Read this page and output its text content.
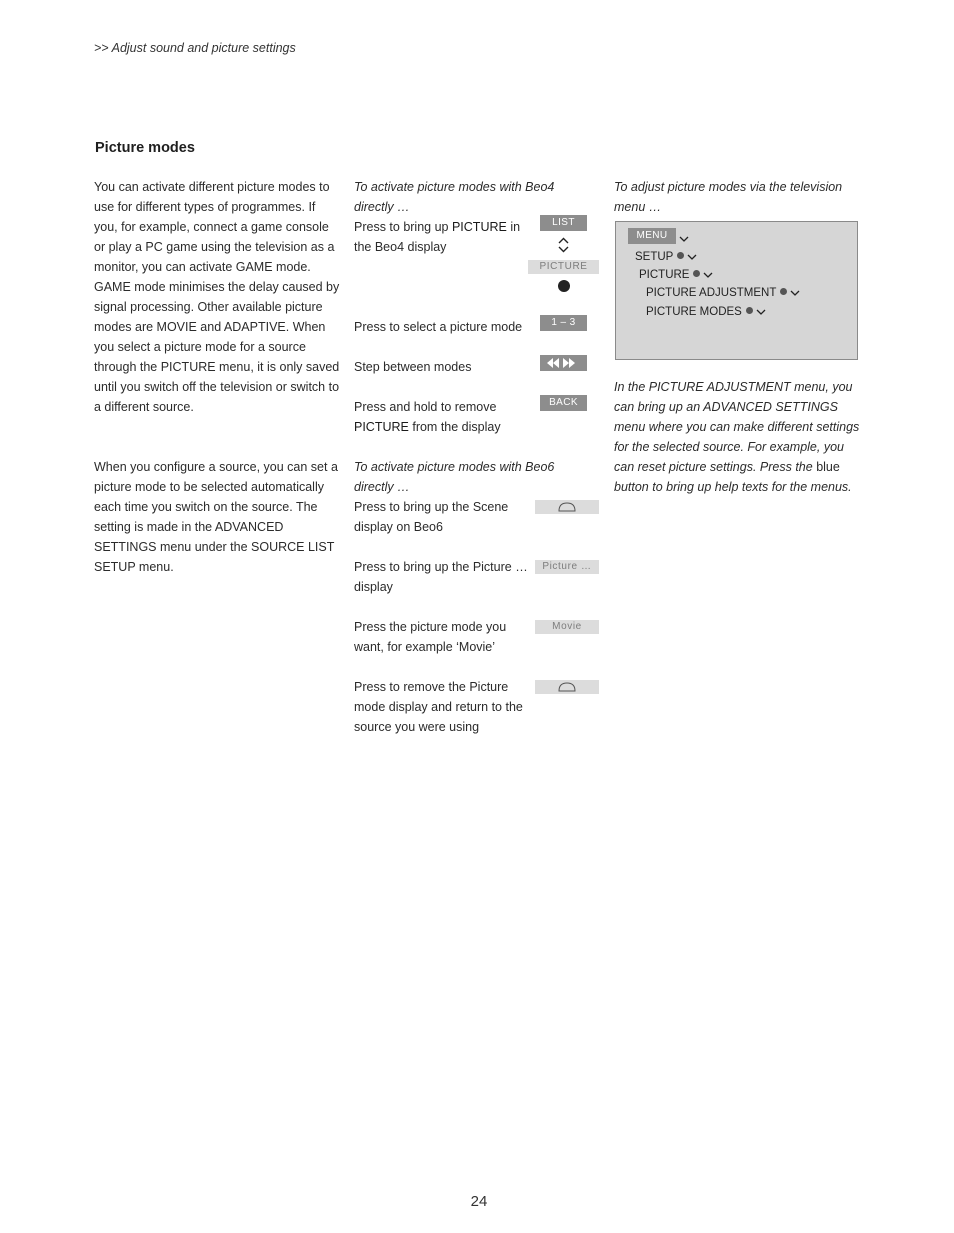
>> Adjust sound and picture settings
Picture modes
You can activate different picture modes to use for different types of programmes. If you, for example, connect a game console or play a PC game using the television as a monitor, you can activate GAME mode. GAME mode minimises the delay caused by signal processing. Other available picture modes are MOVIE and ADAPTIVE. When you select a picture mode for a source through the PICTURE menu, it is only saved until you switch off the television or switch to a different source.
When you configure a source, you can set a picture mode to be selected automatically each time you switch on the source. The setting is made in the ADVANCED SETTINGS menu under the SOURCE LIST SETUP menu.
To activate picture modes with Beo4 directly …
Press to bring up PICTURE in the Beo4 display
LIST
PICTURE
Press to select a picture mode	1 – 3
Step between modes
Press and hold to remove PICTURE from the display
BACK
To activate picture modes with Beo6 directly …
Press to bring up the Scene display on Beo6
Press to bring up the Picture … display
Picture …
Press the picture mode you want, for example ‘Movie’
Movie
Press to remove the Picture mode display and return to the source you were using
To adjust picture modes via the television menu …
MENU
SETUP
PICTURE
PICTURE ADJUSTMENT
PICTURE MODES
In the PICTURE ADJUSTMENT menu, you can bring up an ADVANCED SETTINGS menu where you can make different settings for the selected source. For example, you can reset picture settings. Press the blue button to bring up help texts for the menus.
24
